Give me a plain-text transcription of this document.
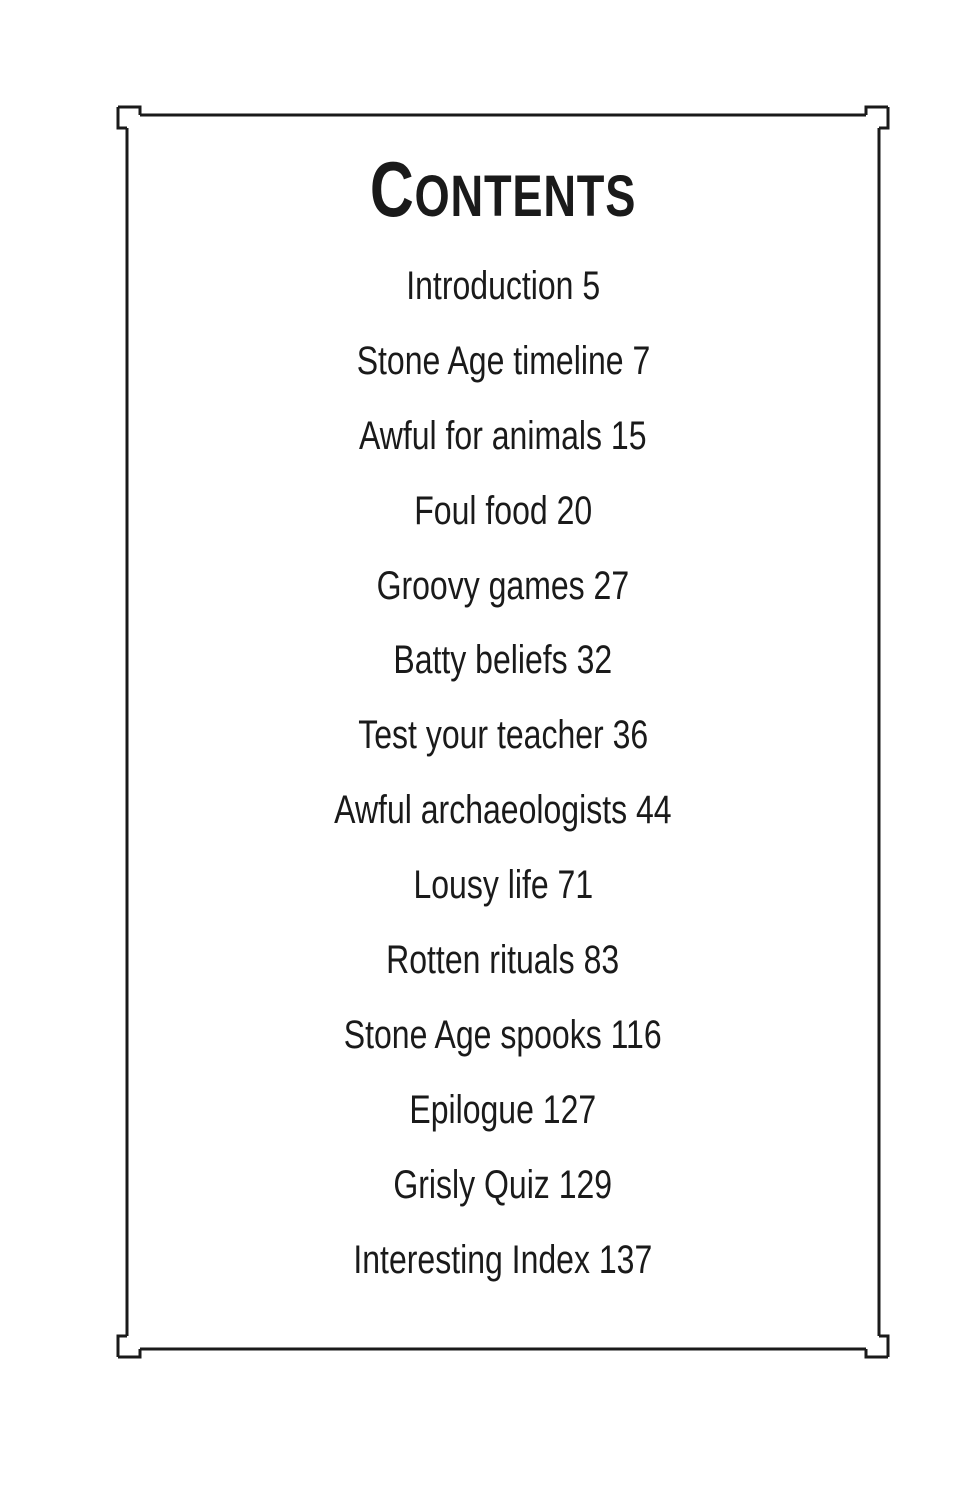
CONTENTS
Introduction 5
Stone Age timeline 7
Awful for animals 15
Foul food 20
Groovy games 27
Batty beliefs 32
Test your teacher 36
Awful archaeologists 44
Lousy life 71
Rotten rituals 83
Stone Age spooks 116
Epilogue 127
Grisly Quiz 129
Interesting Index 137
